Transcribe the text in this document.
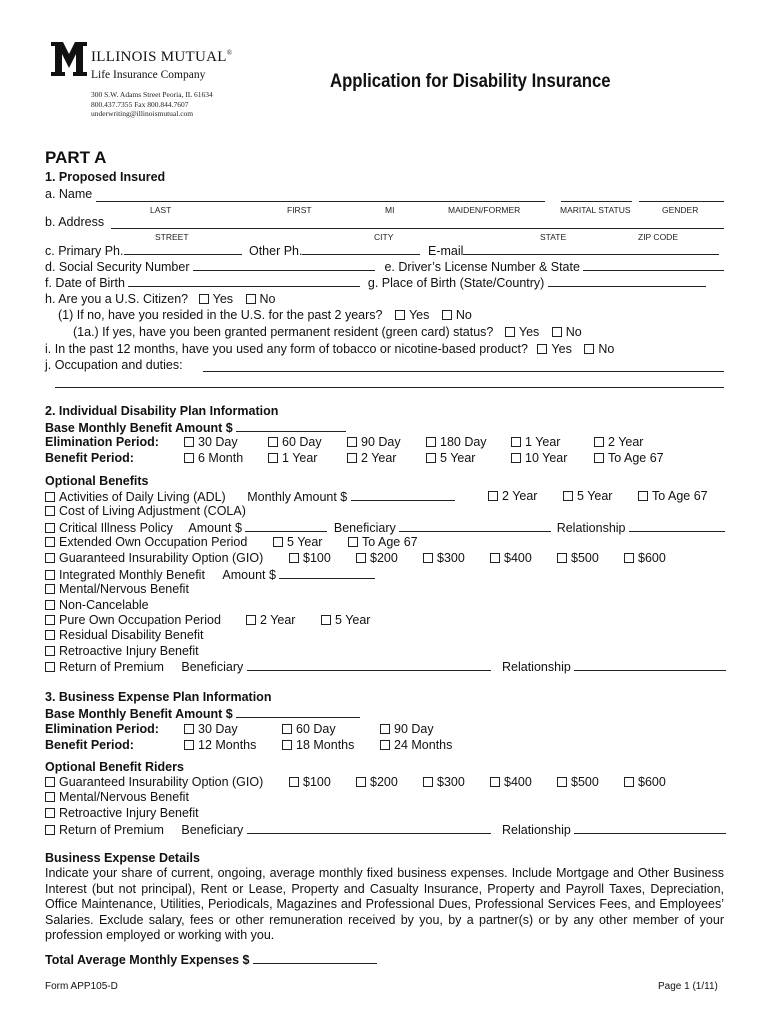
ILLINOIS MUTUAL®
Life Insurance Company
300 S.W. Adams Street Peoria, IL 61634
800.437.7355 Fax 800.844.7607
underwriting@illinoismutual.com
Application for Disability Insurance
PART A
1. Proposed Insured
a. Name
LAST	FIRST	MI	MAIDEN/FORMER	MARITAL STATUS	GENDER
b. Address
STREET	CITY	STATE	ZIP CODE
c. Primary Ph.	Other Ph.	E-mail
d. Social Security Number	e. Driver’s License Number & State
f. Date of Birth	g. Place of Birth (State/Country)
h. Are you a U.S. Citizen? Yes No
(1) If no, have you resided in the U.S. for the past 2 years? Yes No
(1a.) If yes, have you been granted permanent resident (green card) status? Yes No
i. In the past 12 months, have you used any form of tobacco or nicotine-based product? Yes No
j. Occupation and duties:
2. Individual Disability Plan Information
Base Monthly Benefit Amount $
Elimination Period:	30 Day	60 Day	90 Day	180 Day	1 Year	2 Year
Benefit Period:	6 Month	1 Year	2 Year	5 Year	10 Year	To Age 67
Optional Benefits
Activities of Daily Living (ADL) Monthly Amount $	2 Year	5 Year	To Age 67
Cost of Living Adjustment (COLA)
Critical Illness Policy Amount $	Beneficiary	Relationship
Extended Own Occupation Period	5 Year	To Age 67
Guaranteed Insurability Option (GIO)	$100	$200	$300	$400	$500	$600
Integrated Monthly Benefit Amount $
Mental/Nervous Benefit
Non-Cancelable
Pure Own Occupation Period	2 Year	5 Year
Residual Disability Benefit
Retroactive Injury Benefit
Return of Premium Beneficiary	Relationship
3. Business Expense Plan Information
Base Monthly Benefit Amount $
Elimination Period:	30 Day	60 Day	90 Day
Benefit Period:	12 Months	18 Months	24 Months
Optional Benefit Riders
Guaranteed Insurability Option (GIO)	$100	$200	$300	$400	$500	$600
Mental/Nervous Benefit
Retroactive Injury Benefit
Return of Premium Beneficiary	Relationship
Business Expense Details
Indicate your share of current, ongoing, average monthly fixed business expenses. Include Mortgage and Other Business
Interest (but not principal), Rent or Lease, Property and Casualty Insurance, Property and Payroll Taxes, Depreciation,
Office Maintenance, Utilities, Periodicals, Magazines and Professional Dues, Professional Services Fees, and Employees’
Salaries. Exclude salary, fees or other remuneration received by you, by a partner(s) or by any other member of your
profession employed or working with you.
Total Average Monthly Expenses $
Form APP105-D	Page 1 (1/11)
